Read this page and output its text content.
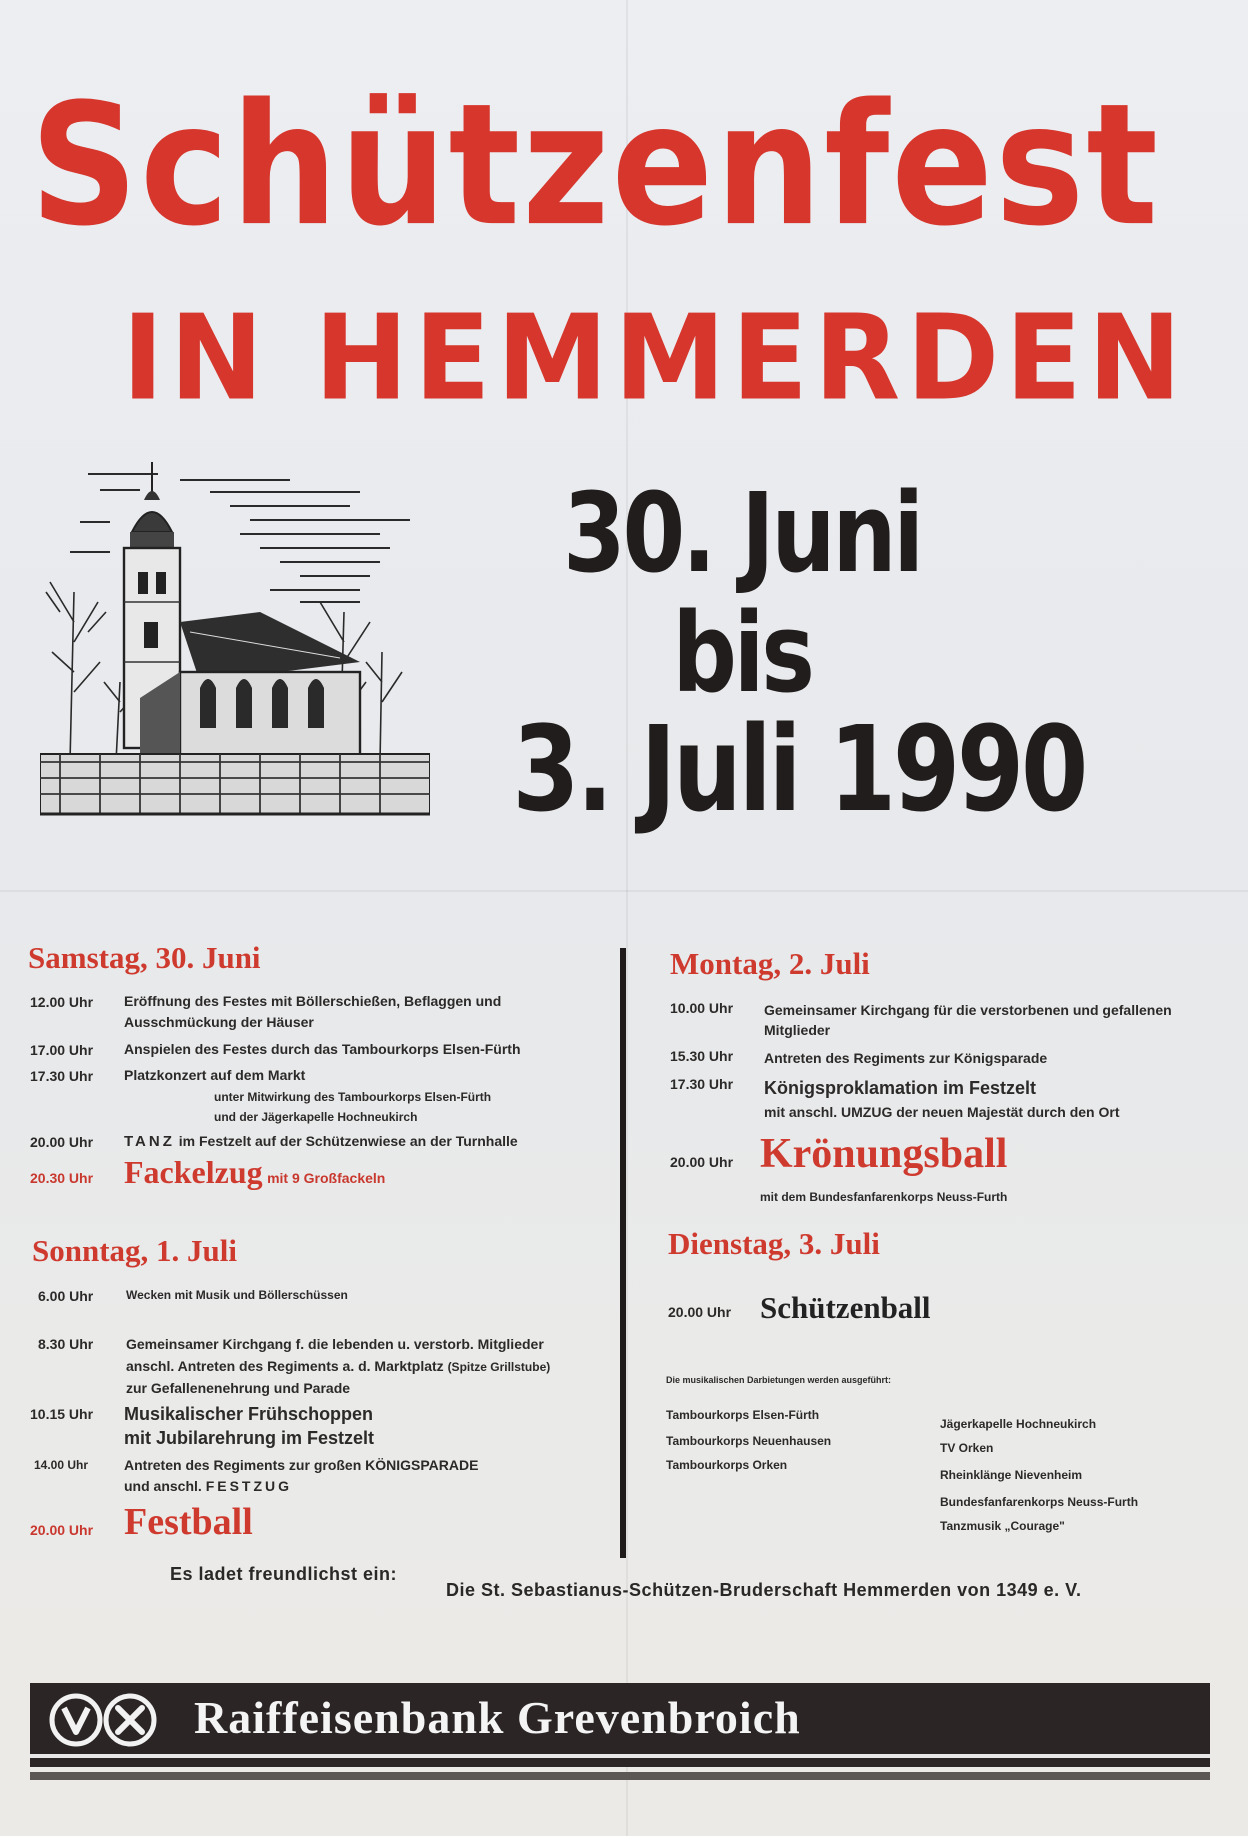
Schützenfest
IN HEMMERDEN
30. Juni
bis
3. Juli 1990
Samstag, 30. Juni
12.00 Uhr Eröffnung des Festes mit Böllerschießen, Beflaggen und
Ausschmückung der Häuser
17.00 Uhr Anspielen des Festes durch das Tambourkorps Elsen-Fürth
17.30 Uhr Platzkonzert auf dem Markt
unter Mitwirkung des Tambourkorps Elsen-Fürth
und der Jägerkapelle Hochneukirch
20.00 Uhr TANZ im Festzelt auf der Schützenwiese an der Turnhalle
20.30 Uhr Fackelzug mit 9 Großfackeln
Sonntag, 1. Juli
6.00 Uhr	Wecken mit Musik und Böllerschüssen
8.30 Uhr Gemeinsamer Kirchgang f. die lebenden u. verstorb. Mitglieder
anschl. Antreten des Regiments a. d. Marktplatz (Spitze Grillstube)
zur Gefallenenehrung und Parade
10.15 Uhr Musikalischer Frühschoppen
mit Jubilarehrung im Festzelt
14.00 Uhr	Antreten des Regiments zur großen KÖNIGSPARADE
und anschl. FESTZUG
20.00 Uhr Festball
Montag, 2. Juli
10.00 Uhr Gemeinsamer Kirchgang für die verstorbenen und gefallenen
Mitglieder
15.30 Uhr Antreten des Regiments zur Königsparade
17.30 Uhr Königsproklamation im Festzelt
mit anschl. UMZUG der neuen Majestät durch den Ort
20.00 Uhr Krönungsball
mit dem Bundesfanfarenkorps Neuss-Furth
Dienstag, 3. Juli
20.00 Uhr Schützenball
Die musikalischen Darbietungen werden ausgeführt:
Tambourkorps Elsen-Fürth
Tambourkorps Neuenhausen
Tambourkorps Orken
Jägerkapelle Hochneukirch
TV Orken
Rheinklänge Nievenheim
Bundesfanfarenkorps Neuss-Furth
Tanzmusik „Courage"
Es ladet freundlichst ein:
Die St. Sebastianus-Schützen-Bruderschaft Hemmerden von 1349 e. V.
Raiffeisenbank Grevenbroich
